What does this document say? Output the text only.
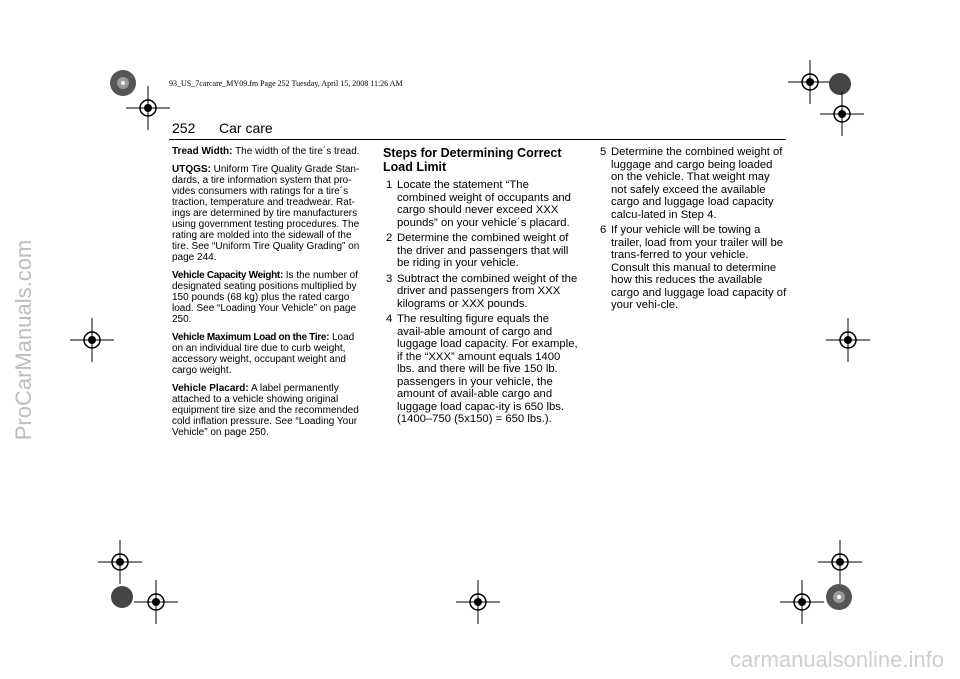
93_US_7carcare_MY09.fm Page 252 Tuesday, April 15, 2008 11:26 AM
252 Car care

Tread Width: The width of the tire´s tread.

UTQGS: Uniform Tire Quality Grade Stan-dards, a tire information system that pro-vides consumers with ratings for a tire´s traction, temperature and treadwear. Rat-ings are determined by tire manufacturers using government testing procedures. The rating are molded into the sidewall of the tire. See “Uniform Tire Quality Grading” on page 244.

Vehicle Capacity Weight: Is the number of designated seating positions multiplied by 150 pounds (68 kg) plus the rated cargo load. See “Loading Your Vehicle” on page 250.

Vehicle Maximum Load on the Tire: Load on an individual tire due to curb weight, accessory weight, occupant weight and cargo weight.

Vehicle Placard: A label permanently attached to a vehicle showing original equipment tire size and the recommended cold inflation pressure. See “Loading Your Vehicle” on page 250.

Steps for Determining Correct Load Limit
1 Locate the statement “The combined weight of occupants and cargo should never exceed XXX pounds” on your vehicle´s placard.
2 Determine the combined weight of the driver and passengers that will be riding in your vehicle.
3 Subtract the combined weight of the driver and passengers from XXX kilograms or XXX pounds.
4 The resulting figure equals the avail-able amount of cargo and luggage load capacity. For example, if the “XXX” amount equals 1400 lbs. and there will be five 150 lb. passengers in your vehicle, the amount of avail-able cargo and luggage load capac-ity is 650 lbs. (1400–750 (5x150) = 650 lbs.).
5 Determine the combined weight of luggage and cargo being loaded on the vehicle. That weight may not safely exceed the available cargo and luggage load capacity calcu-lated in Step 4.
6 If your vehicle will be towing a trailer, load from your trailer will be trans-ferred to your vehicle. Consult this manual to determine how this reduces the available cargo and luggage load capacity of your vehi-cle.
ProCarManuals.com
carmanualsonline.info
